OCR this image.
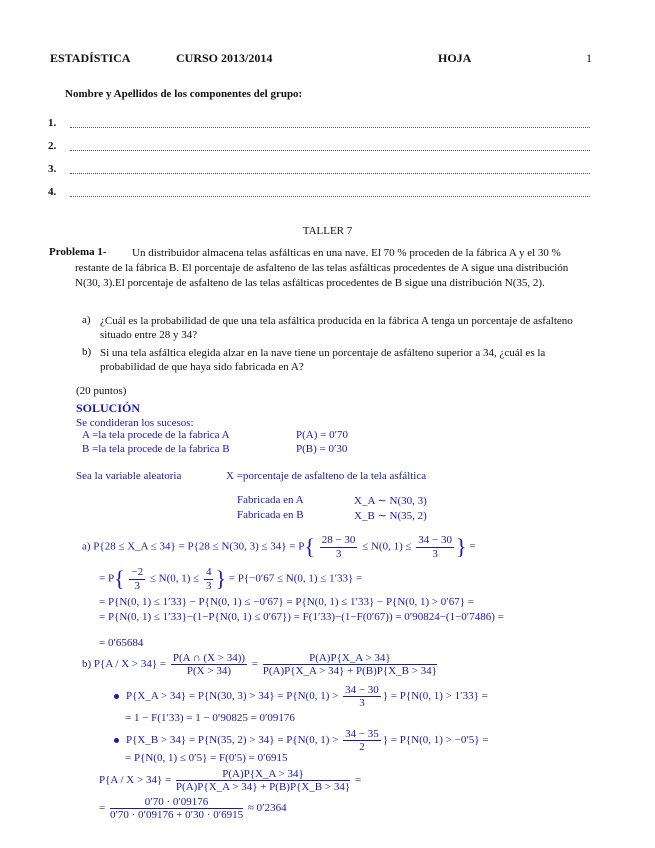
ESTADÍSTICA	CURSO 2013/2014	HOJA	1
Nombre y Apellidos de los componentes del grupo:
1.
2.
3.
4.
TALLER 7
Problema 1-	Un distribuidor almacena telas asfálticas en una nave. El 70 % proceden de la fábrica A y el 30 % restante de la fábrica B. El porcentaje de asfalteno de las telas asfálticas procedentes de A sigue una distribución N(30, 3).El porcentaje de asfalteno de las telas asfálticas procedentes de B sigue una distribución N(35, 2).
a) ¿Cuál es la probabilidad de que una tela asfáltica producida en la fábrica A tenga un porcentaje de asfalteno situado entre 28 y 34?
b) Si una tela asfáltica elegida alzar en la nave tiene un porcentaje de asfálteno superior a 34, ¿cuál es la probabilidad de que haya sido fabricada en A?
(20 puntos)
SOLUCIÓN
Se condideran los sucesos:
A =la tela procede de la fabrica A	P(A) = 0′70
B =la tela procede de la fabrica B	P(B) = 0′30
Sea la variable aleatoria	X =porcentaje de asfalteno de la tela asfáltica
Fabricada en A	X_A ∼ N(30, 3)
Fabricada en B	X_B ∼ N(35, 2)
a) P{28 ≤ X_A ≤ 34} = P{28 ≤ N(30, $3) \le 34\} = P\{ \frac{28 - 30}{3} \le N(0$, $1) \le \frac{34 - 30}{3}$ } =
= $P\{ \frac{-2}{3} \le N(0$, $1) \le \frac{4}{3}$ } = P{−0′67 ≤ N(0, 1) ≤ 1′33} =
= P{N(0, 1) ≤ 1′33} − P{N(0, 1) ≤ −0′67} = P{N(0, 1) ≤ 1′33} − P{N(0, 1) > 0′67} =
= P{N(0, 1) ≤ 1′33}−(1−P{N(0, 1) ≤ 0′67}) = F(1′33)−(1−F(0′67)) = 0′90824−(1−0′7486) =
= 0′65684
b) $P\{A / X > 34\} = \frac{P(A \cap (X > 34))}{P(X > 34)} = \frac{P(A)P\{X\_A > 34\}}{P(A)P\{X\_A > 34\} + P(B)P\{X\_B > 34\}}$
P{X_A > 34} = P{N(30, 3) > 34} = P{N(0, $1) > \frac{34 - 30}{3}$ } = P{N(0, 1) > 1′33} =
= 1 − F(1′33) = 1 − 0′90825 = 0′09176
P{X_B > 34} = P{N(35, 2) > 34} = P{N(0, $1) > \frac{34 - 35}{2}$ } = P{N(0, 1) > −0′5} =
= P{N(0, 1) ≤ 0′5} = F(0′5) = 0′6915
$P\{A / X > 34\} = \frac{P(A)P\{X\_A > 34\}}{P(A)P\{X\_A > 34\} + P(B)P\{X\_B > 34\}}$ =
= $\frac{0'70 \cdot 0'09176}{0'70 \cdot 0'09176 + 0'30 \cdot 0'6915} \approx 0'2364$
